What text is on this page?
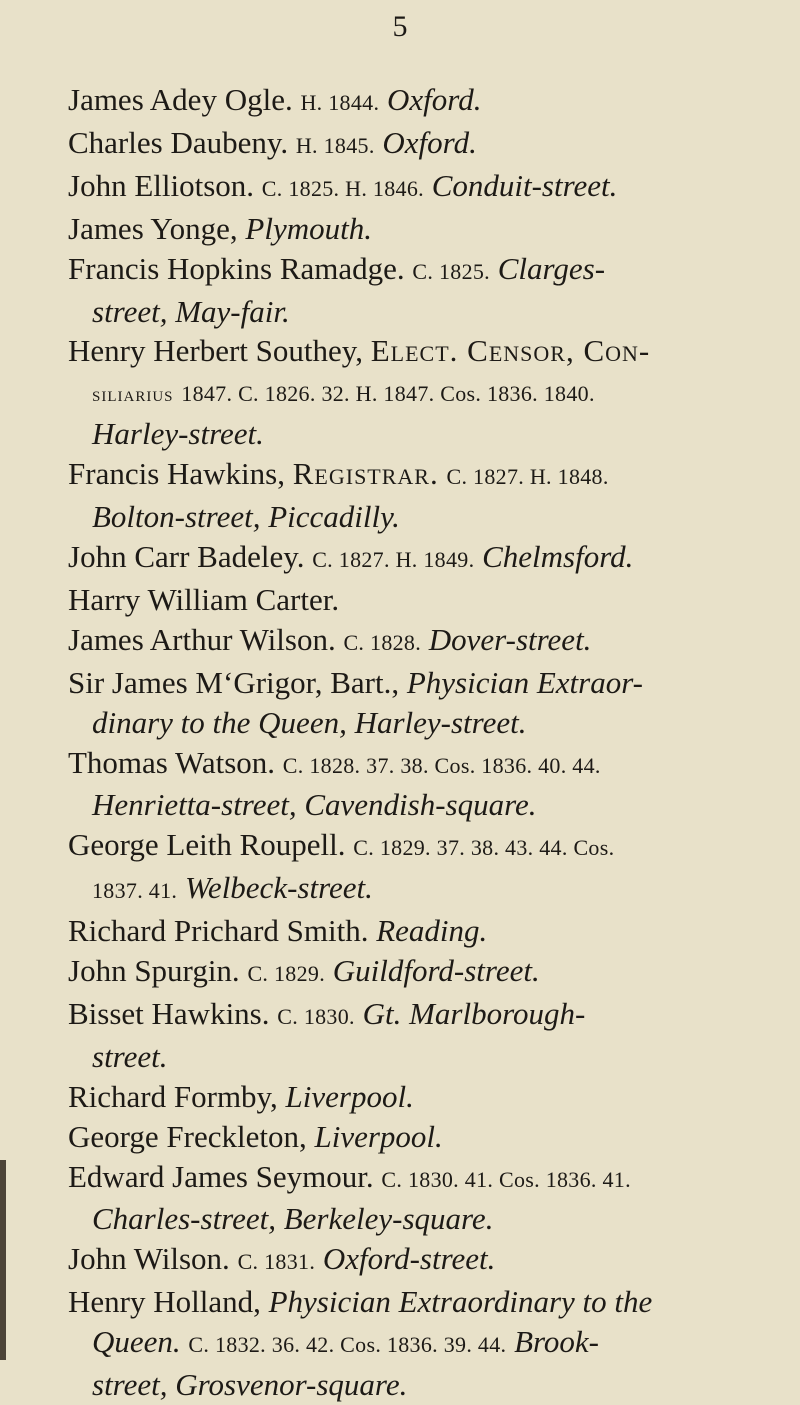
5
James Adey Ogle. H. 1844. Oxford.
Charles Daubeny. H. 1845. Oxford.
John Elliotson. C. 1825. H. 1846. Conduit-street.
James Yonge, Plymouth.
Francis Hopkins Ramadge. C. 1825. Clarges-
street, May-fair.
Henry Herbert Southey, Elect. Censor, Con-
siliarius 1847. C. 1826. 32. H. 1847. Cos. 1836. 1840.
Harley-street.
Francis Hawkins, Registrar. C. 1827. H. 1848.
Bolton-street, Piccadilly.
John Carr Badeley. C. 1827. H. 1849. Chelmsford.
Harry William Carter.
James Arthur Wilson. C. 1828. Dover-street.
Sir James M‘Grigor, Bart., Physician Extraor-
dinary to the Queen, Harley-street.
Thomas Watson. C. 1828. 37. 38. Cos. 1836. 40. 44.
Henrietta-street, Cavendish-square.
George Leith Roupell. C. 1829. 37. 38. 43. 44. Cos.
1837. 41. Welbeck-street.
Richard Prichard Smith. Reading.
John Spurgin. C. 1829. Guildford-street.
Bisset Hawkins. C. 1830. Gt. Marlborough-
street.
Richard Formby, Liverpool.
George Freckleton, Liverpool.
Edward James Seymour. C. 1830. 41. Cos. 1836. 41.
Charles-street, Berkeley-square.
John Wilson. C. 1831. Oxford-street.
Henry Holland, Physician Extraordinary to the
Queen. C. 1832. 36. 42. Cos. 1836. 39. 44. Brook-
street, Grosvenor-square.
